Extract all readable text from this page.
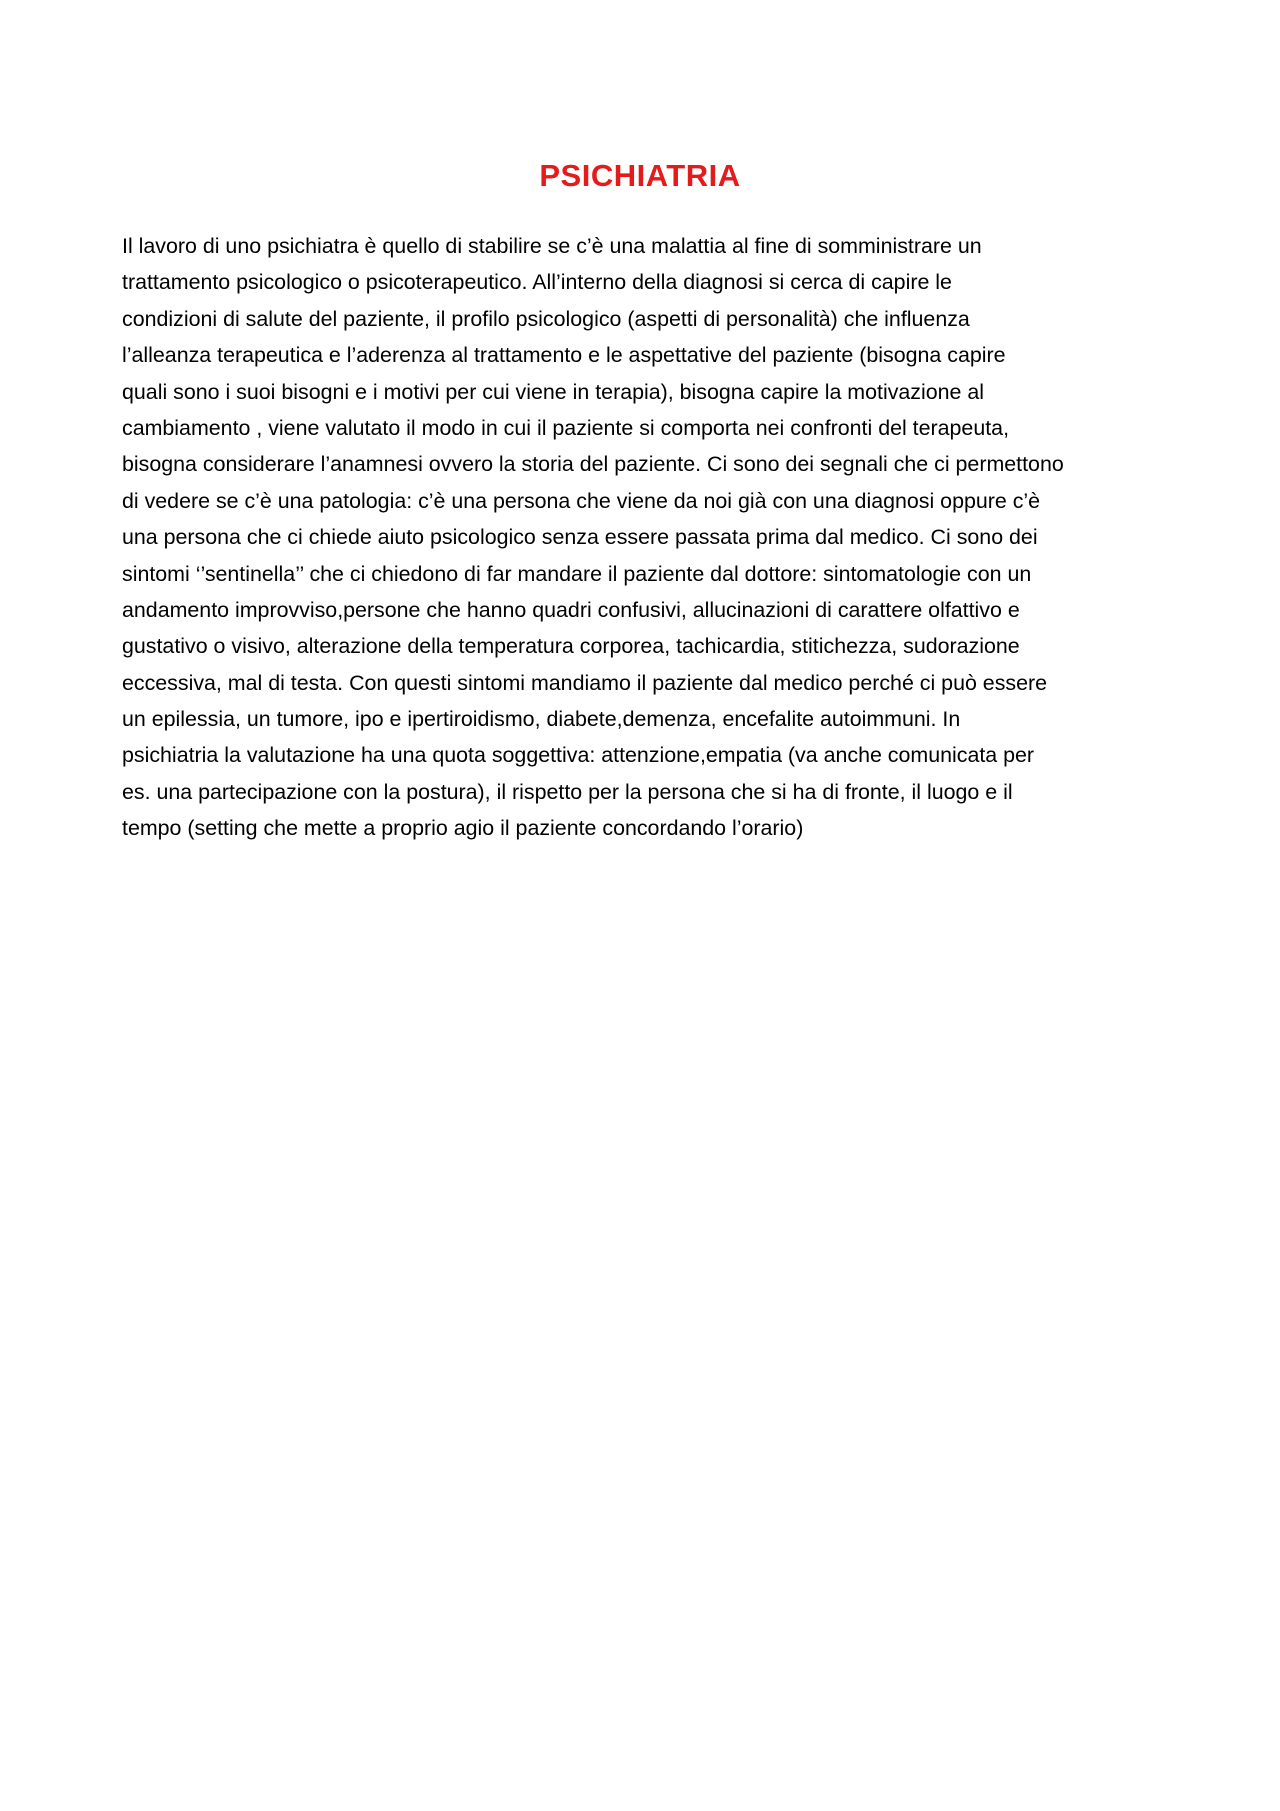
PSICHIATRIA
Il lavoro di uno psichiatra è quello di stabilire se c’è una malattia al fine di somministrare un
trattamento psicologico o psicoterapeutico. All’interno della diagnosi si cerca di capire le
condizioni di salute del paziente, il profilo psicologico (aspetti di personalità) che influenza
l’alleanza terapeutica e l’aderenza al trattamento e le aspettative del paziente (bisogna capire
quali sono i suoi bisogni e i motivi per cui viene in terapia), bisogna capire la motivazione al
cambiamento , viene valutato il modo in cui il paziente si comporta nei confronti del terapeuta,
bisogna considerare l’anamnesi ovvero la storia del paziente. Ci sono dei segnali che ci permettono
di vedere se c’è una patologia: c’è una persona che viene da noi già con una diagnosi oppure c’è
una persona che ci chiede aiuto psicologico senza essere passata prima dal medico. Ci sono dei
sintomi ‘’sentinella’’ che ci chiedono di far mandare il paziente dal dottore: sintomatologie con un
andamento improvviso,persone che hanno quadri confusivi, allucinazioni di carattere olfattivo e
gustativo o visivo, alterazione della temperatura corporea, tachicardia, stitichezza, sudorazione
eccessiva, mal di testa. Con questi sintomi mandiamo il paziente dal medico perché ci può essere
un epilessia, un tumore, ipo e ipertiroidismo, diabete,demenza, encefalite autoimmuni. In
psichiatria la valutazione ha una quota soggettiva: attenzione,empatia (va anche comunicata per
es. una partecipazione con la postura), il rispetto per la persona che si ha di fronte, il luogo e il
tempo (setting che mette a proprio agio il paziente concordando l’orario)
